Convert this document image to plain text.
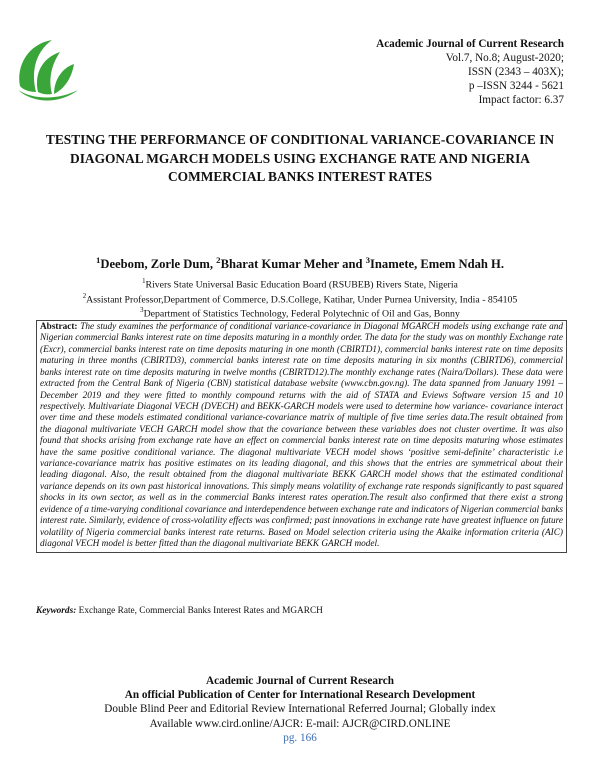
Academic Journal of Current Research
Vol.7, No.8; August-2020;
ISSN (2343 – 403X);
p –ISSN 3244 - 5621
Impact factor: 6.37
TESTING THE PERFORMANCE OF CONDITIONAL VARIANCE-COVARIANCE IN DIAGONAL MGARCH MODELS USING EXCHANGE RATE AND NIGERIA COMMERCIAL BANKS INTEREST RATES

$^1$Deebom, Zorle Dum, $^2$Bharat Kumar Meher and $^3$Inamete, Emem Ndah H.

$^1$Rivers State Universal Basic Education Board (RSUBEB) Rivers State, Nigeria
$^2$Assistant Professor,Department of Commerce, D.S.College, Katihar, Under Purnea University, India - 854105
$^3$Department of Statistics Technology, Federal Polytechnic of Oil and Gas, Bonny
Abstract: The study examines the performance of conditional variance-covariance in Diagonal MGARCH models using exchange rate and Nigerian commercial Banks interest rate on time deposits maturing in a monthly order. The data for the study was on monthly Exchange rate (Excr), commercial banks interest rate on time deposits maturing in one month (CBIRTD1), commercial banks interest rate on time deposits maturing in three months (CBIRTD3), commercial banks interest rate on time deposits maturing in six months (CBIRTD6), commercial banks interest rate on time deposits maturing in twelve months (CBIRTD12).The monthly exchange rates (Naira/Dollars). These data were extracted from the Central Bank of Nigeria (CBN) statistical database website (www.cbn.gov.ng). The data spanned from January 1991 – December 2019 and they were fitted to monthly compound returns with the aid of STATA and Eviews Software version 15 and 10 respectively. Multivariate Diagonal VECH (DVECH) and BEKK-GARCH models were used to determine how variance- covariance interact over time and these models estimated conditional variance-covariance matrix of multiple of five time series data.The result obtained from the diagonal multivariate VECH GARCH model show that the covariance between these variables does not cluster overtime. It was also found that shocks arising from exchange rate have an effect on commercial banks interest rate on time deposits maturing whose estimates have the same positive conditional variance. The diagonal multivariate VECH model shows ‘positive semi-definite’ characteristic i.e variance-covariance matrix has positive estimates on its leading diagonal, and this shows that the entries are symmetrical about their leading diagonal. Also, the result obtained from the diagonal multivariate BEKK GARCH model shows that the estimated conditional variance depends on its own past historical innovations. This simply means volatility of exchange rate responds significantly to past squared shocks in its own sector, as well as in the commercial Banks interest rates operation.The result also confirmed that there exist a strong evidence of a time-varying conditional covariance and interdependence between exchange rate and indicators of Nigerian commercial banks interest rate. Similarly, evidence of cross-volatility effects was confirmed; past innovations in exchange rate have greatest influence on future volatility of Nigeria commercial banks interest rate returns. Based on Model selection criteria using the Akaike information criteria (AIC) diagonal VECH model is better fitted than the diagonal multivariate BEKK GARCH model.
Keywords: Exchange Rate, Commercial Banks Interest Rates and MGARCH
Academic Journal of Current Research
An official Publication of Center for International Research Development
Double Blind Peer and Editorial Review International Referred Journal; Globally index
Available www.cird.online/AJCR: E-mail: AJCR@CIRD.ONLINE
pg. 166
